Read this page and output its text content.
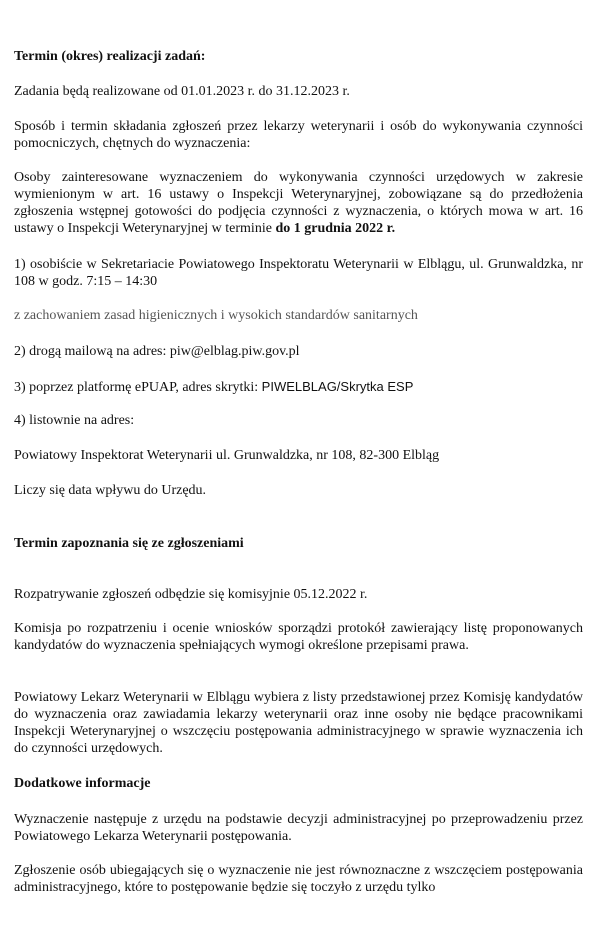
Termin (okres) realizacji zadań:

Zadania będą realizowane od 01.01.2023 r. do 31.12.2023 r.

Sposób i termin składania zgłoszeń przez lekarzy weterynarii i osób do wykonywania czynności pomocniczych, chętnych do wyznaczenia:

Osoby zainteresowane wyznaczeniem do wykonywania czynności urzędowych w zakresie wymienionym w art. 16 ustawy o Inspekcji Weterynaryjnej, zobowiązane są do przedłożenia zgłoszenia wstępnej gotowości do podjęcia czynności z wyznaczenia, o których mowa w art. 16 ustawy o Inspekcji Weterynaryjnej w terminie do 1 grudnia 2022 r.

1) osobiście w Sekretariacie Powiatowego Inspektoratu Weterynarii w Elblągu, ul. Grunwaldzka, nr 108 w godz. 7:15 – 14:30

z zachowaniem zasad higienicznych i wysokich standardów sanitarnych

2) drogą mailową na adres: piw@elblag.piw.gov.pl

3) poprzez platformę ePUAP, adres skrytki: PIWELBLAG/Skrytka ESP

4) listownie na adres:

Powiatowy Inspektorat Weterynarii ul. Grunwaldzka, nr 108, 82-300 Elbląg

Liczy się data wpływu do Urzędu.

Termin zapoznania się ze zgłoszeniami

Rozpatrywanie zgłoszeń odbędzie się komisyjnie 05.12.2022 r.

Komisja po rozpatrzeniu i ocenie wniosków sporządzi protokół zawierający listę proponowanych kandydatów do wyznaczenia spełniających wymogi określone przepisami prawa.

Powiatowy Lekarz Weterynarii w Elblągu wybiera z listy przedstawionej przez Komisję kandydatów do wyznaczenia oraz zawiadamia lekarzy weterynarii oraz inne osoby nie będące pracownikami Inspekcji Weterynaryjnej o wszczęciu postępowania administracyjnego w sprawie wyznaczenia ich do czynności urzędowych.

Dodatkowe informacje

Wyznaczenie następuje z urzędu na podstawie decyzji administracyjnej po przeprowadzeniu przez Powiatowego Lekarza Weterynarii postępowania.

Zgłoszenie osób ubiegających się o wyznaczenie nie jest równoznaczne z wszczęciem postępowania administracyjnego, które to postępowanie będzie się toczyło z urzędu tylko
